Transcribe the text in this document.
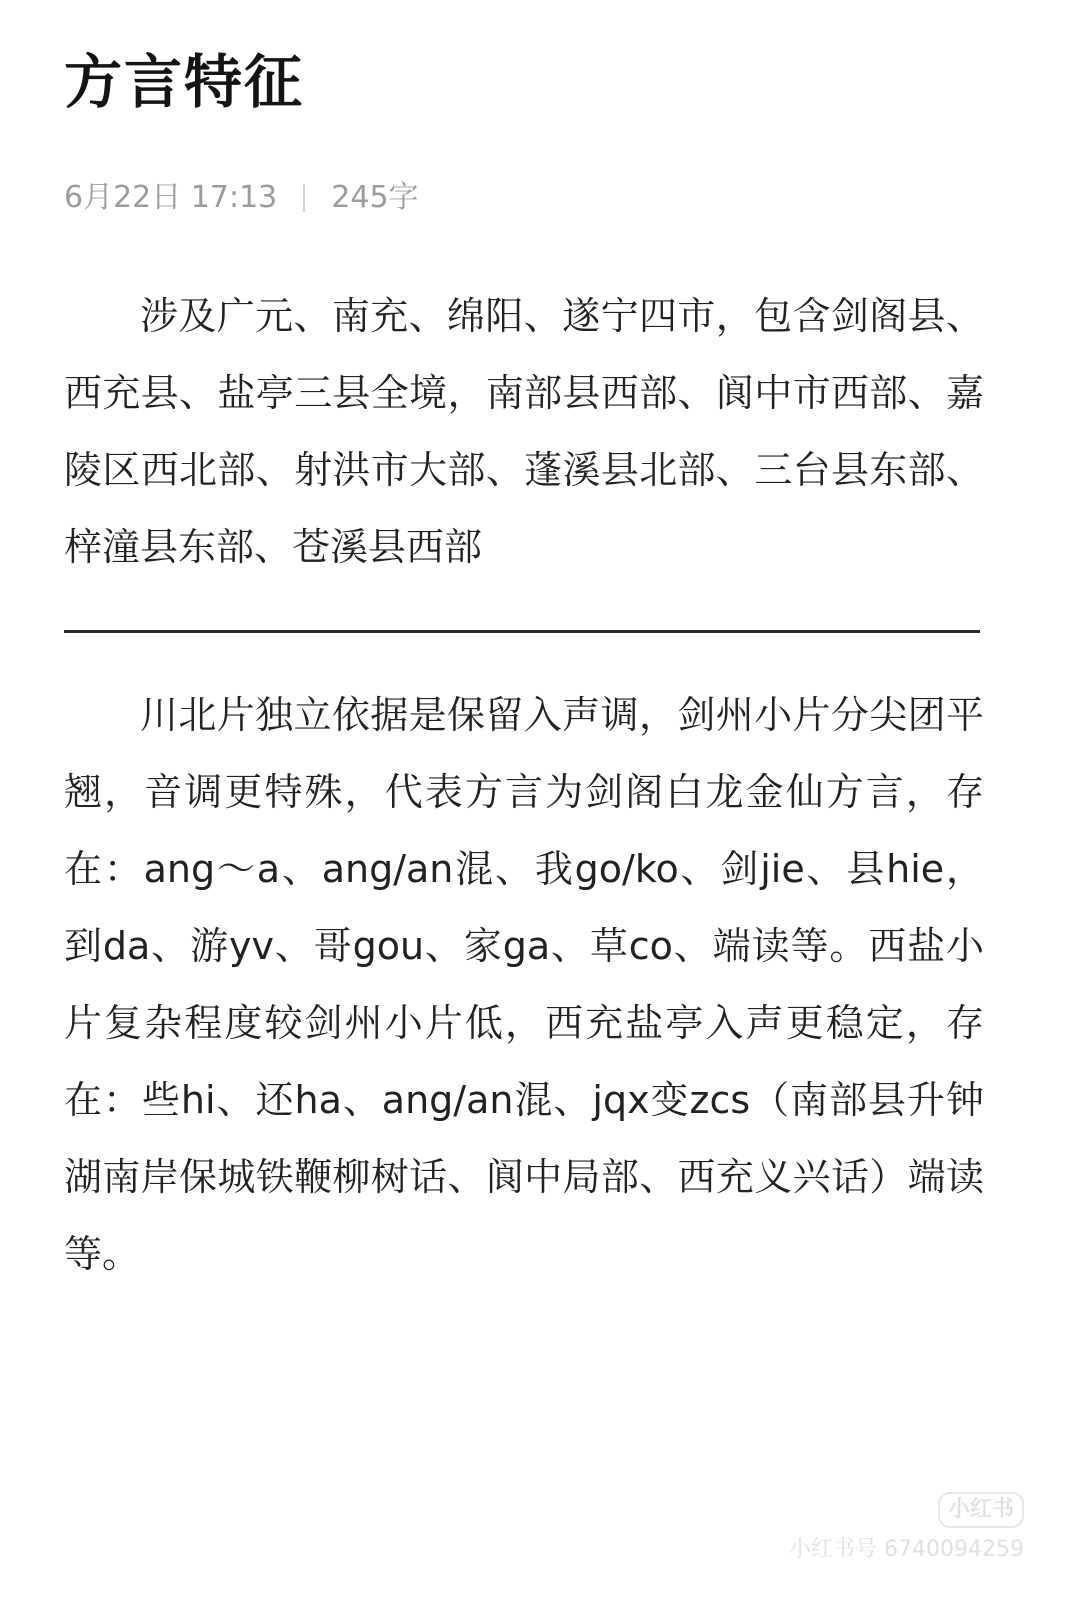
方言特征
6月22日 17:13 245字

涉及广元、南充、绵阳、遂宁四市，包含剑阁县、西充县、盐亭三县全境，南部县西部、阆中市西部、嘉陵区西北部、射洪市大部、蓬溪县北部、三台县东部、梓潼县东部、苍溪县西部

川北片独立依据是保留入声调，剑州小片分尖团平翘，音调更特殊，代表方言为剑阁白龙金仙方言，存在：ang～a、ang/an混、我go/ko、剑jie、县hie，到da、游yv、哥gou、家ga、草co、端读等。西盐小片复杂程度较剑州小片低，西充盐亭入声更稳定，存在：些hi、还ha、ang/an混、jqx变zcs（南部县升钟湖南岸保城铁鞭柳树话、阆中局部、西充义兴话）端读等。

小红书
小红书号 6740094259
